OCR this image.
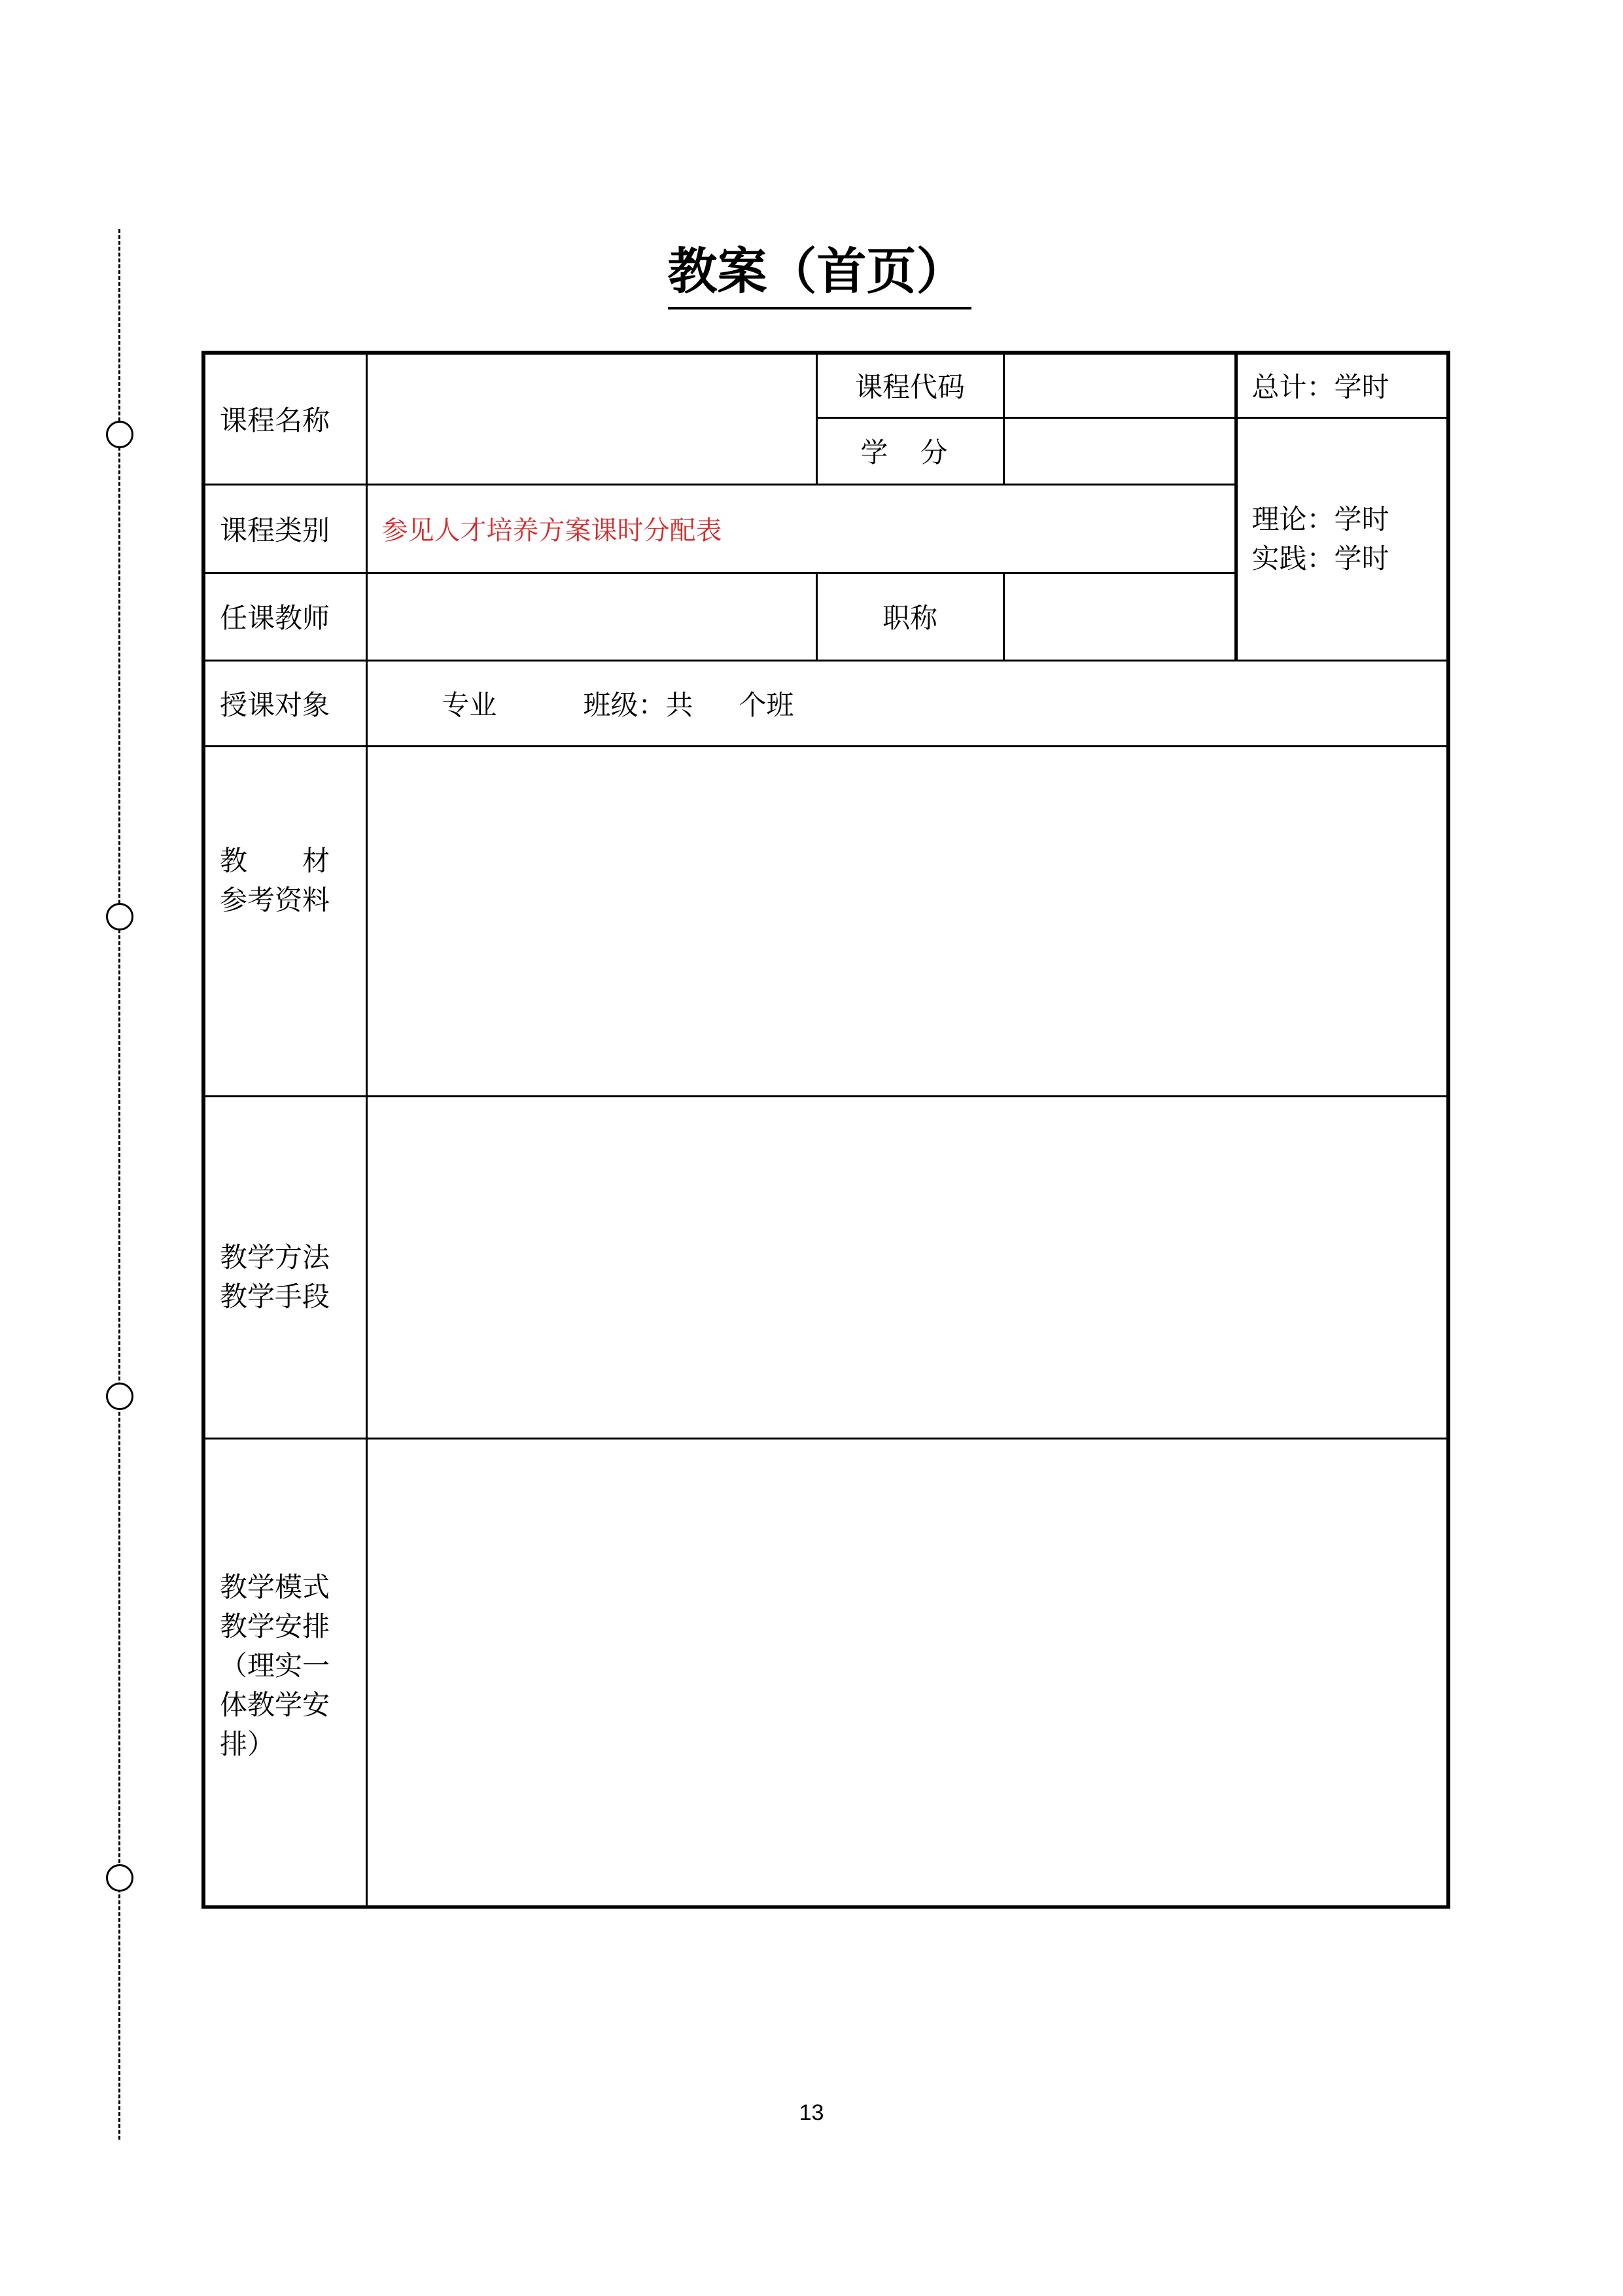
教案（首页）
课程名称		课程代码		总计：学时
		学 分		理论：学时
实践：学时

课程类别	参见人才培养方案课时分配表			
任课教师		职称		
授课对象	专业 班级：共 个班			

教　　材
参考资料				

教学方法
教学手段				

教学模式
教学安排
（理实一
体教学安
排）				

13
